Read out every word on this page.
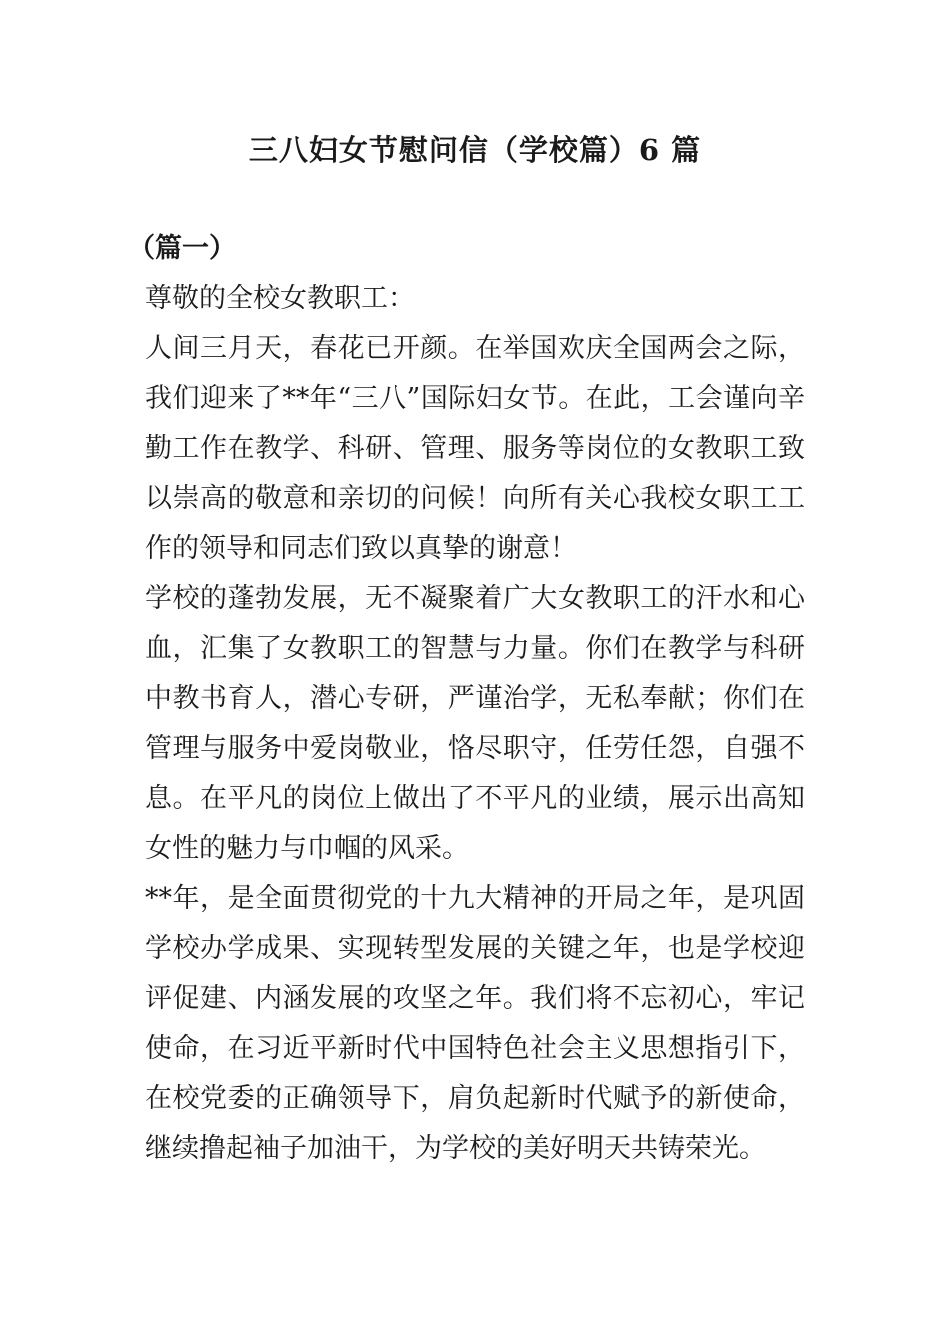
三八妇女节慰问信（学校篇）6 篇

（篇一）

尊敬的全校女教职工：

人间三月天，春花已开颜。在举国欢庆全国两会之际，我们迎来了**年“三八”国际妇女节。在此，工会谨向辛勤工作在教学、科研、管理、服务等岗位的女教职工致以崇高的敬意和亲切的问候！向所有关心我校女职工工作的领导和同志们致以真挚的谢意！

学校的蓬勃发展，无不凝聚着广大女教职工的汗水和心血，汇集了女教职工的智慧与力量。你们在教学与科研中教书育人，潜心专研，严谨治学，无私奉献；你们在管理与服务中爱岗敬业，恪尽职守，任劳任怨，自强不息。在平凡的岗位上做出了不平凡的业绩，展示出高知女性的魅力与巾帼的风采。

**年，是全面贯彻党的十九大精神的开局之年，是巩固学校办学成果、实现转型发展的关键之年，也是学校迎评促建、内涵发展的攻坚之年。我们将不忘初心，牢记使命，在习近平新时代中国特色社会主义思想指引下，在校党委的正确领导下，肩负起新时代赋予的新使命，继续撸起袖子加油干，为学校的美好明天共铸荣光。
